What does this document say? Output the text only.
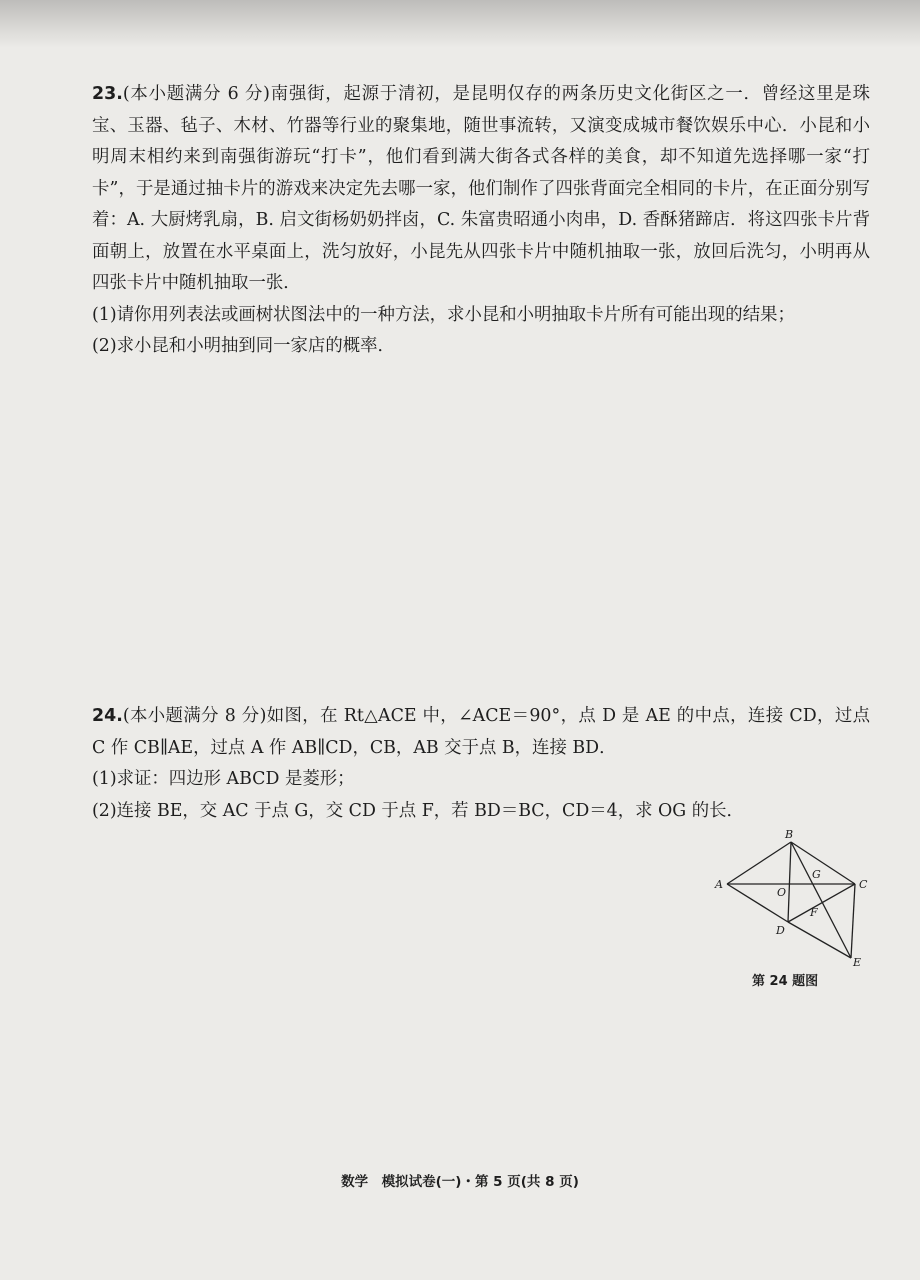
23.(本小题满分 6 分)南强街，起源于清初，是昆明仅存的两条历史文化街区之一．曾经这里是珠宝、玉器、毡子、木材、竹器等行业的聚集地，随世事流转，又演变成城市餐饮娱乐中心．小昆和小明周末相约来到南强街游玩“打卡”，他们看到满大街各式各样的美食，却不知道先选择哪一家“打卡”，于是通过抽卡片的游戏来决定先去哪一家，他们制作了四张背面完全相同的卡片，在正面分别写着：A. 大厨烤乳扇，B. 启文街杨奶奶拌卤，C. 朱富贵昭通小肉串，D. 香酥猪蹄店．将这四张卡片背面朝上，放置在水平桌面上，洗匀放好，小昆先从四张卡片中随机抽取一张，放回后洗匀，小明再从四张卡片中随机抽取一张．

(1)请你用列表法或画树状图法中的一种方法，求小昆和小明抽取卡片所有可能出现的结果；
(2)求小昆和小明抽到同一家店的概率．

24.(本小题满分 8 分)如图，在 Rt△ACE 中，∠ACE＝90°，点 D 是 AE 的中点，连接 CD，过点 C 作 CB∥AE，过点 A 作 AB∥CD，CB，AB 交于点 B，连接 BD．

(1)求证：四边形 ABCD 是菱形；
(2)连接 BE，交 AC 于点 G，交 CD 于点 F，若 BD＝BC，CD＝4，求 OG 的长．
A
B
C
D
E
O
G
F
第 24 题图
数学　模拟试卷(一)・第 5 页(共 8 页)
